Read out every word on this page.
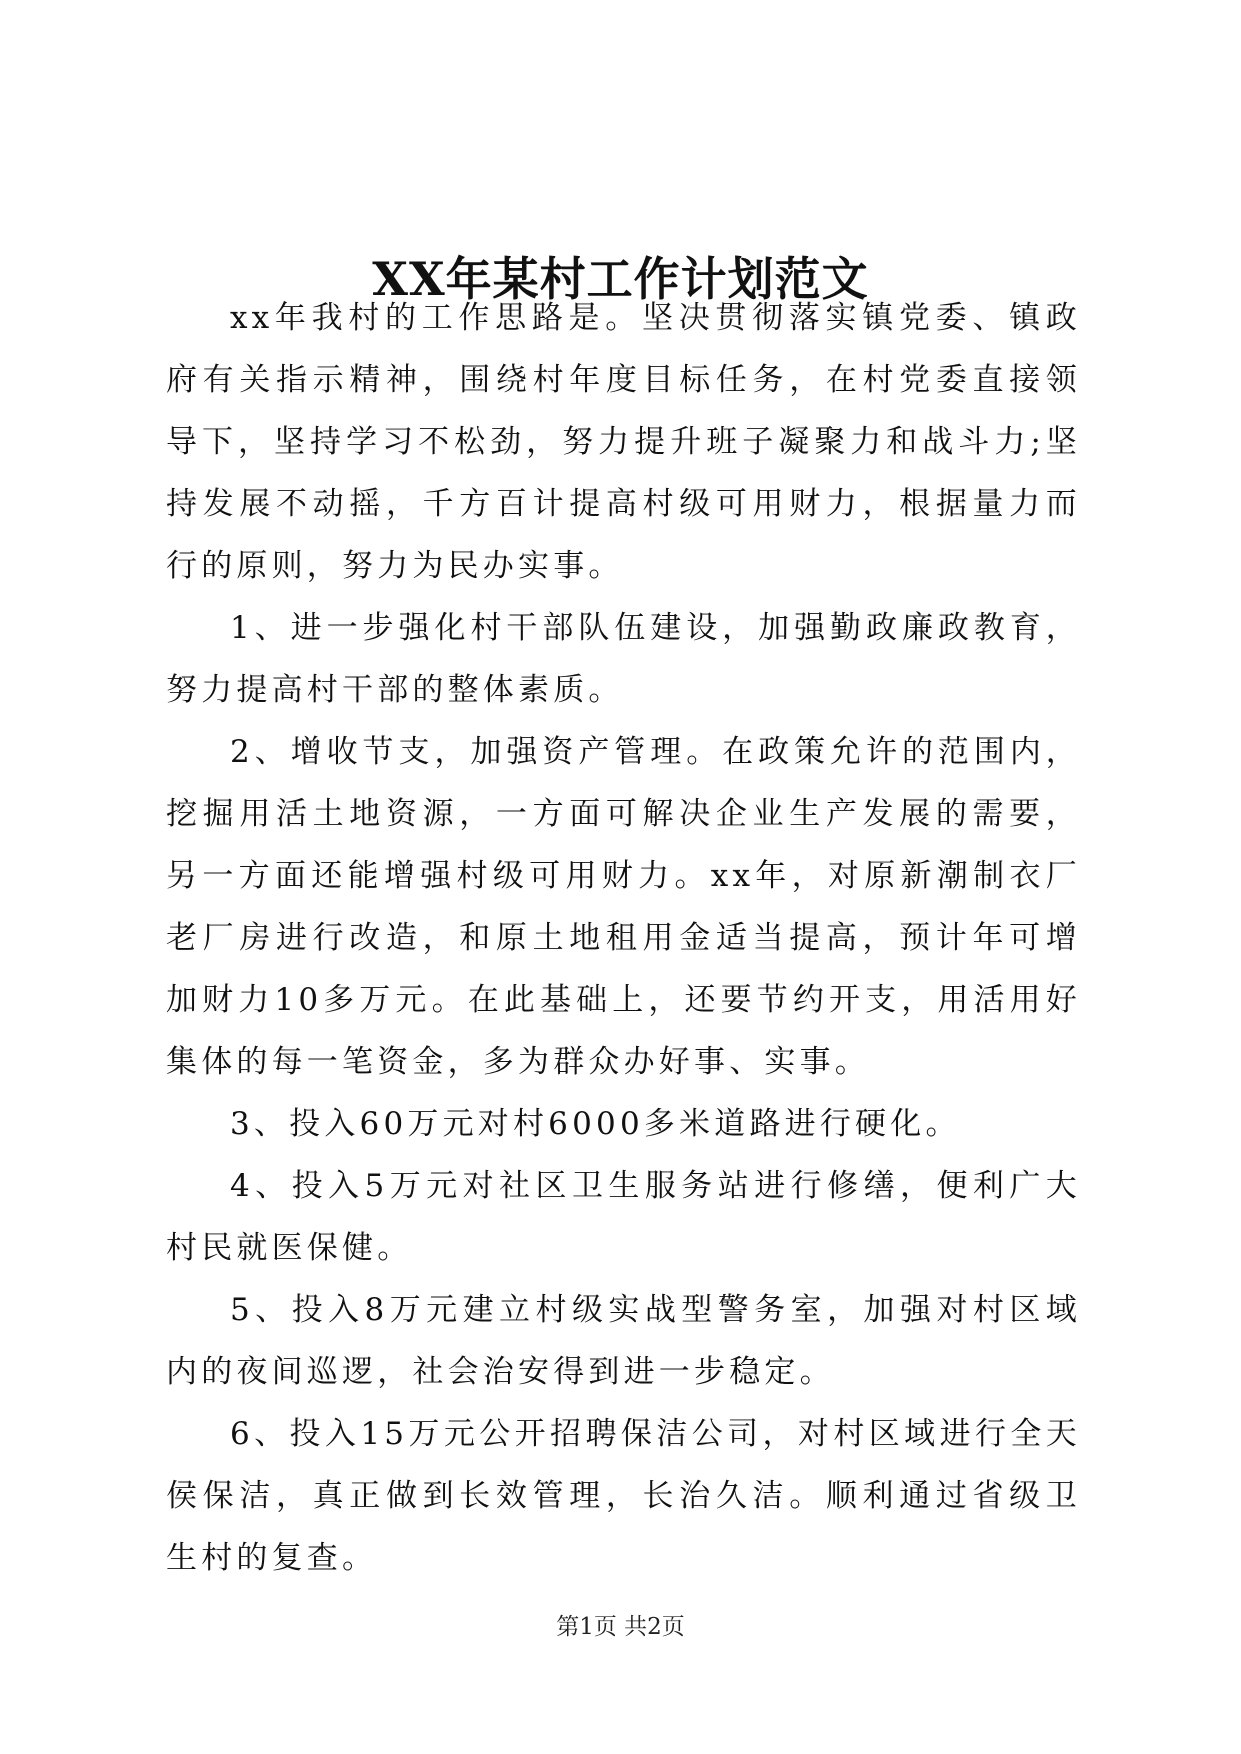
XX年某村工作计划范文

xx年我村的工作思路是。坚决贯彻落实镇党委、镇政府有关指示精神，围绕村年度目标任务，在村党委直接领导下，坚持学习不松劲，努力提升班子凝聚力和战斗力;坚持发展不动摇，千方百计提高村级可用财力，根据量力而行的原则，努力为民办实事。

1、进一步强化村干部队伍建设，加强勤政廉政教育，努力提高村干部的整体素质。

2、增收节支，加强资产管理。在政策允许的范围内，挖掘用活土地资源，一方面可解决企业生产发展的需要，另一方面还能增强村级可用财力。xx年，对原新潮制衣厂老厂房进行改造，和原土地租用金适当提高，预计年可增加财力10多万元。在此基础上，还要节约开支，用活用好集体的每一笔资金，多为群众办好事、实事。

3、投入60万元对村6000多米道路进行硬化。

4、投入5万元对社区卫生服务站进行修缮，便利广大村民就医保健。

5、投入8万元建立村级实战型警务室，加强对村区域内的夜间巡逻，社会治安得到进一步稳定。

6、投入15万元公开招聘保洁公司，对村区域进行全天侯保洁，真正做到长效管理，长治久洁。顺利通过省级卫生村的复查。

第1页 共2页
